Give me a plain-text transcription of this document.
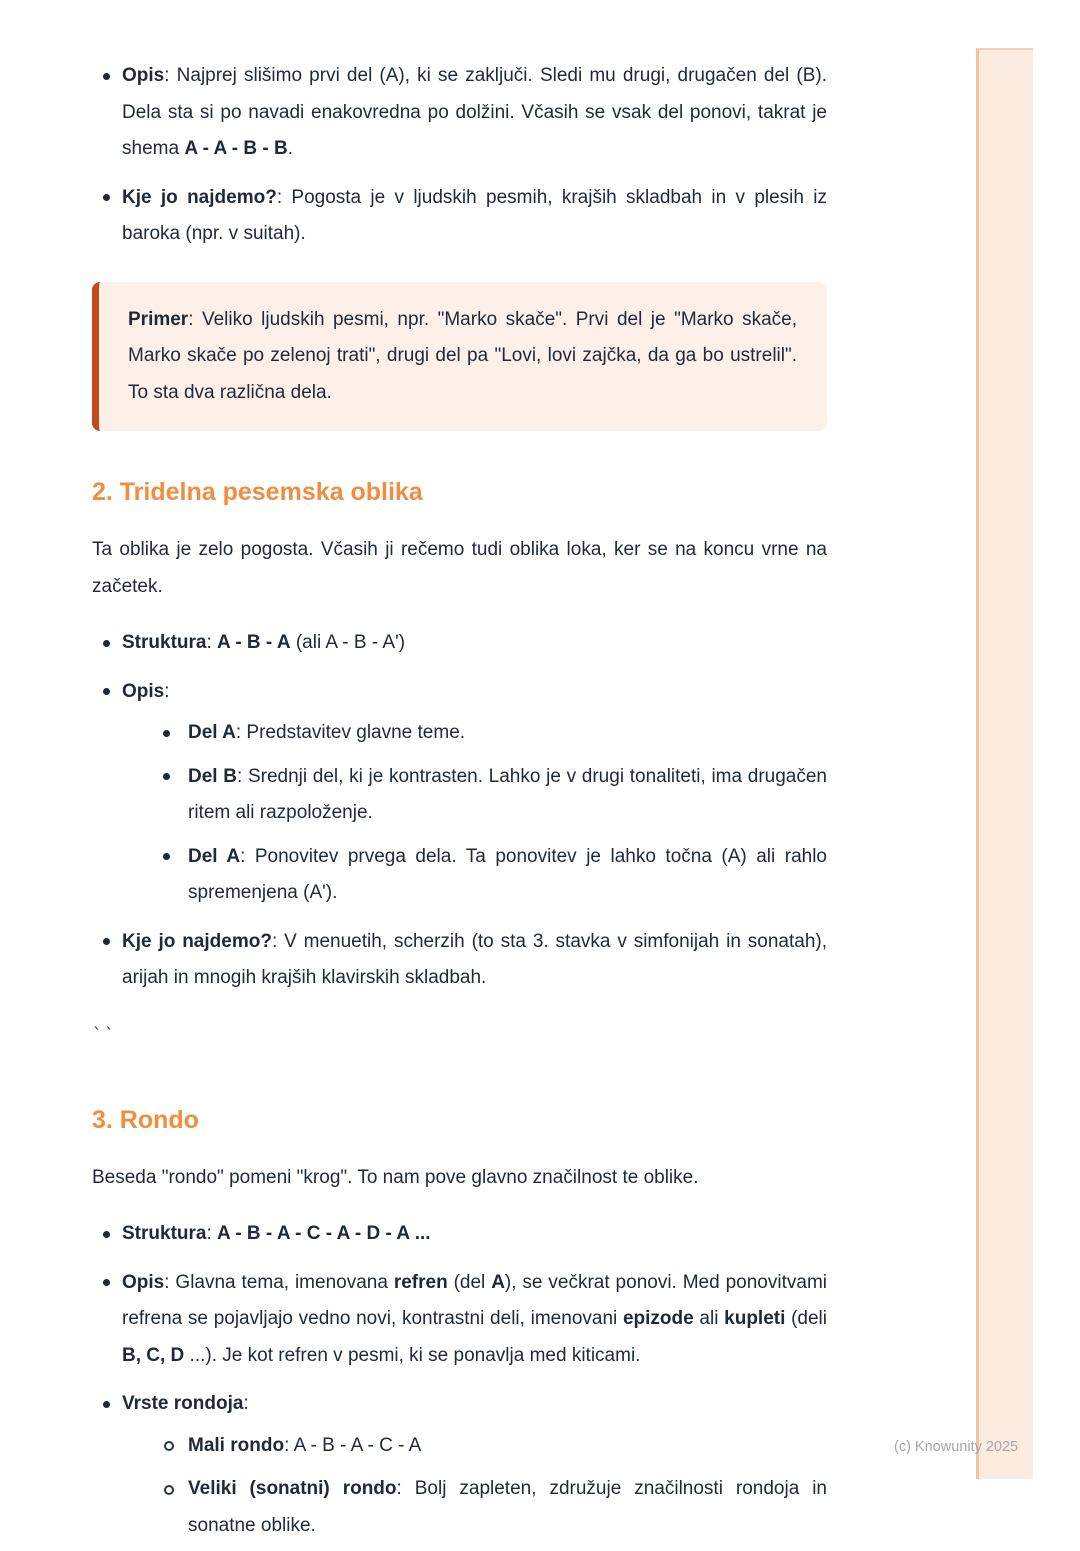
Opis: Najprej slišimo prvi del (A), ki se zaključi. Sledi mu drugi, drugačen del (B). Dela sta si po navadi enakovredna po dolžini. Včasih se vsak del ponovi, takrat je shema A - A - B - B.

Kje jo najdemo?: Pogosta je v ljudskih pesmih, krajših skladbah in v plesih iz baroka (npr. v suitah).

Primer: Veliko ljudskih pesmi, npr. "Marko skače". Prvi del je "Marko skače, Marko skače po zelenoj trati", drugi del pa "Lovi, lovi zajčka, da ga bo ustrelil". To sta dva različna dela.

2. Tridelna pesemska oblika

Ta oblika je zelo pogosta. Včasih ji rečemo tudi oblika loka, ker se na koncu vrne na začetek.

Struktura: A - B - A (ali A - B - A')

Opis:

Del A: Predstavitev glavne teme.

Del B: Srednji del, ki je kontrasten. Lahko je v drugi tonaliteti, ima drugačen ritem ali razpoloženje.

Del A: Ponovitev prvega dela. Ta ponovitev je lahko točna (A) ali rahlo spremenjena (A').

Kje jo najdemo?: V menuetih, scherzih (to sta 3. stavka v simfonijah in sonatah), arijah in mnogih krajših klavirskih skladbah.

``

3. Rondo

Beseda "rondo" pomeni "krog". To nam pove glavno značilnost te oblike.

Struktura: A - B - A - C - A - D - A ...

Opis: Glavna tema, imenovana refren (del A), se večkrat ponovi. Med ponovitvami refrena se pojavljajo vedno novi, kontrastni deli, imenovani epizode ali kupleti (deli B, C, D ...). Je kot refren v pesmi, ki se ponavlja med kiticami.

Vrste rondoja:

Mali rondo: A - B - A - C - A

Veliki (sonatni) rondo: Bolj zapleten, združuje značilnosti rondoja in sonatne oblike.

(c) Knowunity 2025
